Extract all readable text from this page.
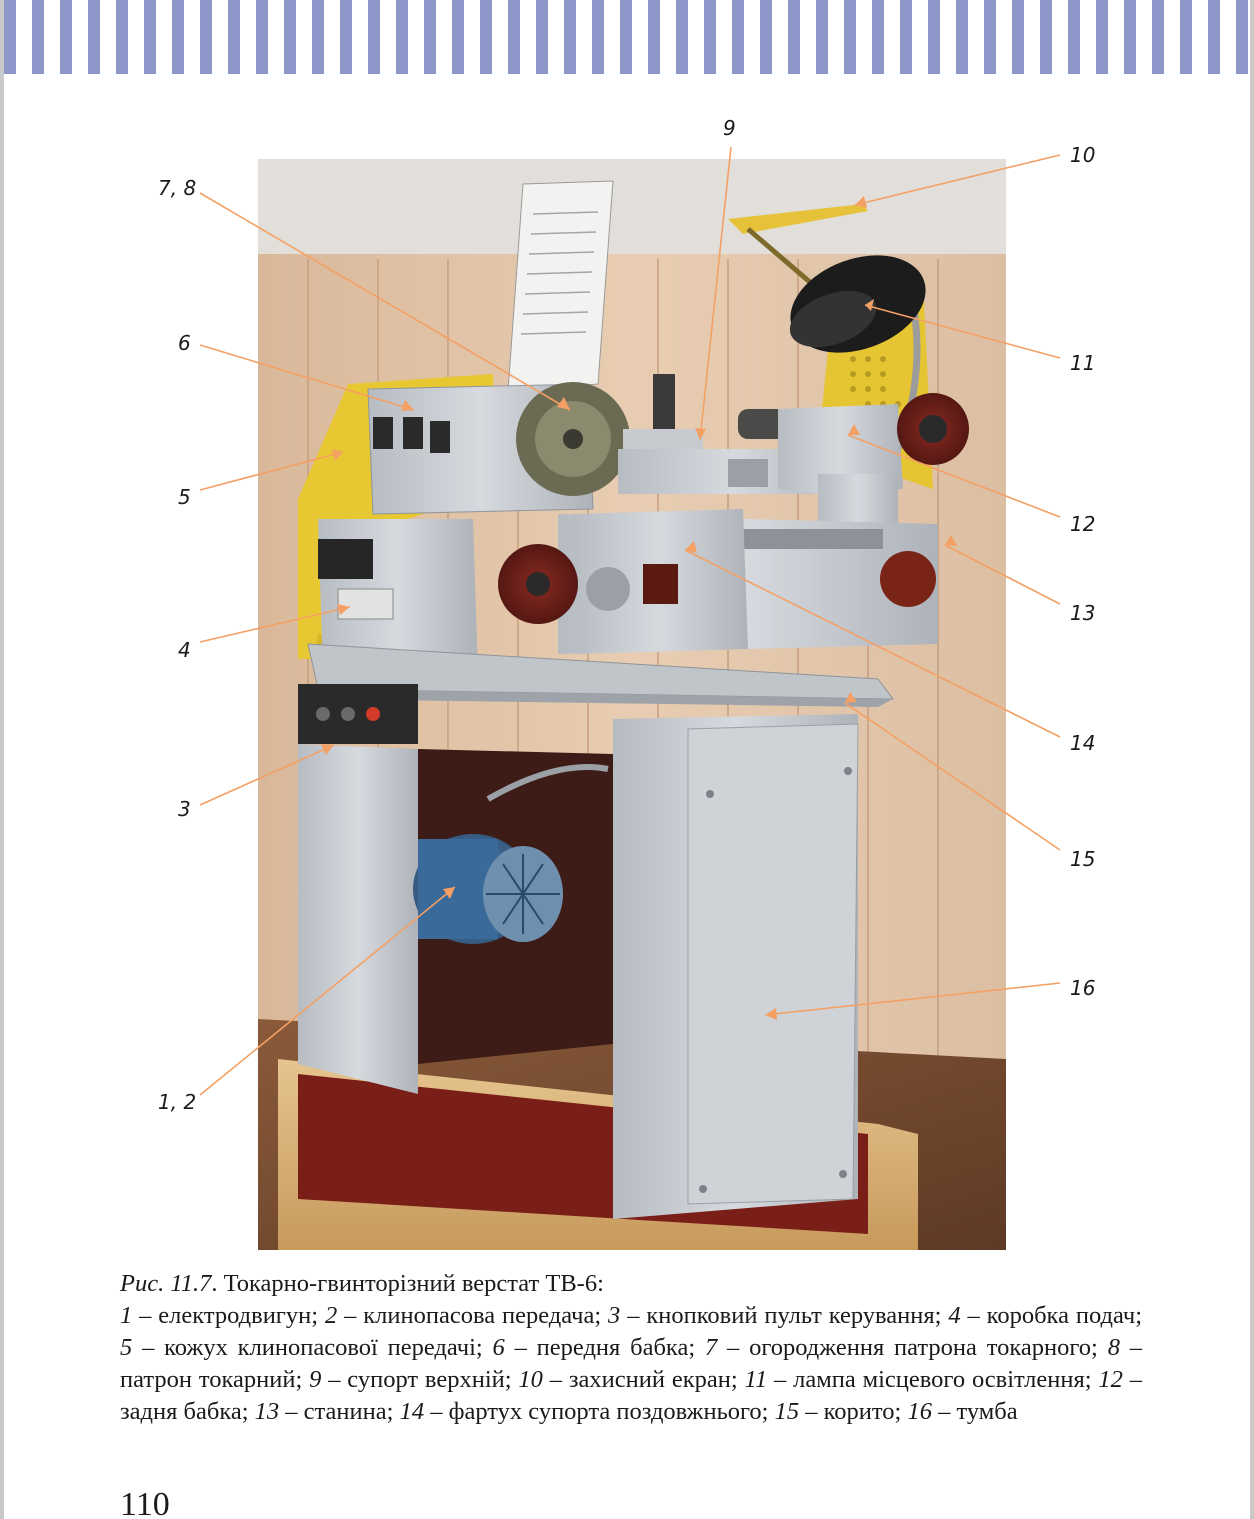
9
10
7, 8
11
6
5
12
13
4
14
3
15
16
1, 2
Рис. 11.7. Токарно-гвинторізний верстат ТВ-6:
1 – електродвигун; 2 – клинопасова передача; 3 – кнопковий пульт керування; 4 – коробка подач; 5 – кожух клинопасової передачі; 6 – передня бабка; 7 – огородження патрона токарного; 8 – патрон токарний; 9 – супорт верхній; 10 – захисний екран; 11 – лампа місцевого освітлення; 12 – задня бабка; 13 – станина; 14 – фартух супорта поздовжнього; 15 – корито; 16 – тумба
110
